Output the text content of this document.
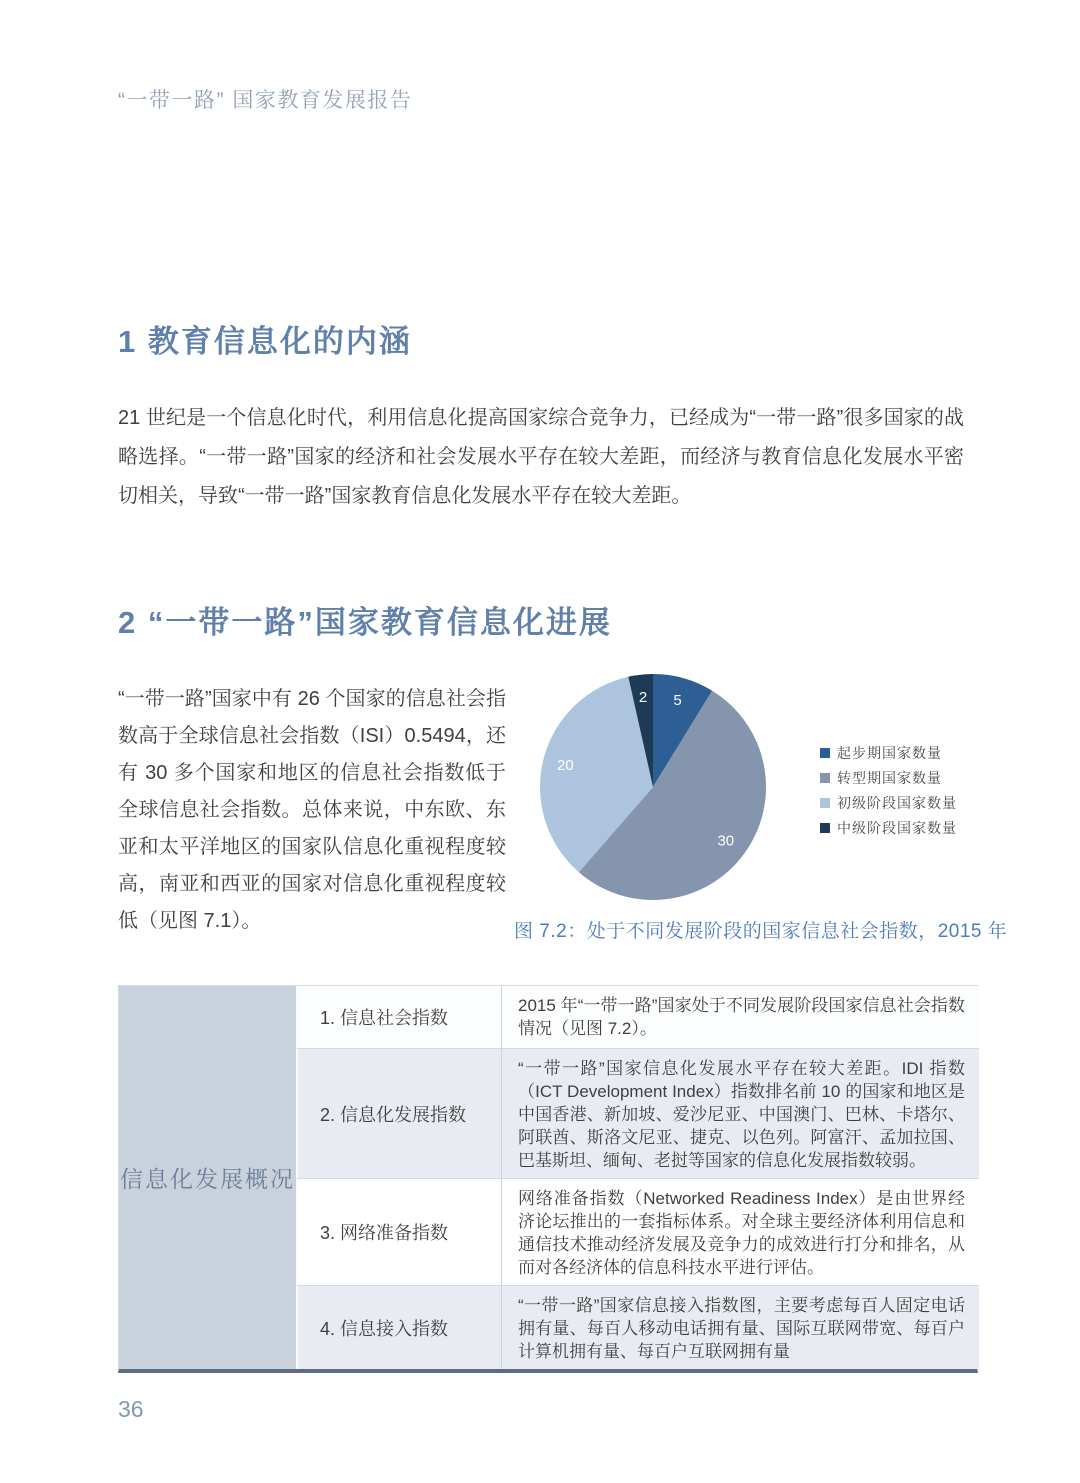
“一带一路” 国家教育发展报告
1 教育信息化的内涵
21 世纪是一个信息化时代，利用信息化提高国家综合竞争力，已经成为“一带一路”很多国家的战略选择。“一带一路”国家的经济和社会发展水平存在较大差距，而经济与教育信息化发展水平密切相关，导致“一带一路”国家教育信息化发展水平存在较大差距。
2 “一带一路”国家教育信息化进展
“一带一路”国家中有 26 个国家的信息社会指数高于全球信息社会指数（ISI）0.5494，还有 30 多个国家和地区的信息社会指数低于全球信息社会指数。总体来说，中东欧、东亚和太平洋地区的国家队信息化重视程度较高，南亚和西亚的国家对信息化重视程度较低（见图 7.1）。
5
30
20
2
起步期国家数量
转型期国家数量
初级阶段国家数量
中级阶段国家数量
图 7.2：处于不同发展阶段的国家信息社会指数，2015 年
信息化发展概况
1. 信息社会指数
2015 年“一带一路”国家处于不同发展阶段国家信息社会指数情况（见图 7.2）。
2. 信息化发展指数
“一带一路”国家信息化发展水平存在较大差距。IDI 指数（ICT Development Index）指数排名前 10 的国家和地区是中国香港、新加坡、爱沙尼亚、中国澳门、巴林、卡塔尔、阿联酋、斯洛文尼亚、捷克、以色列。阿富汗、孟加拉国、巴基斯坦、缅甸、老挝等国家的信息化发展指数较弱。
3. 网络准备指数
网络准备指数（Networked Readiness Index）是由世界经济论坛推出的一套指标体系。对全球主要经济体利用信息和通信技术推动经济发展及竞争力的成效进行打分和排名，从而对各经济体的信息科技水平进行评估。
4. 信息接入指数
“一带一路”国家信息接入指数图，主要考虑每百人固定电话拥有量、每百人移动电话拥有量、国际互联网带宽、每百户计算机拥有量、每百户互联网拥有量
36
